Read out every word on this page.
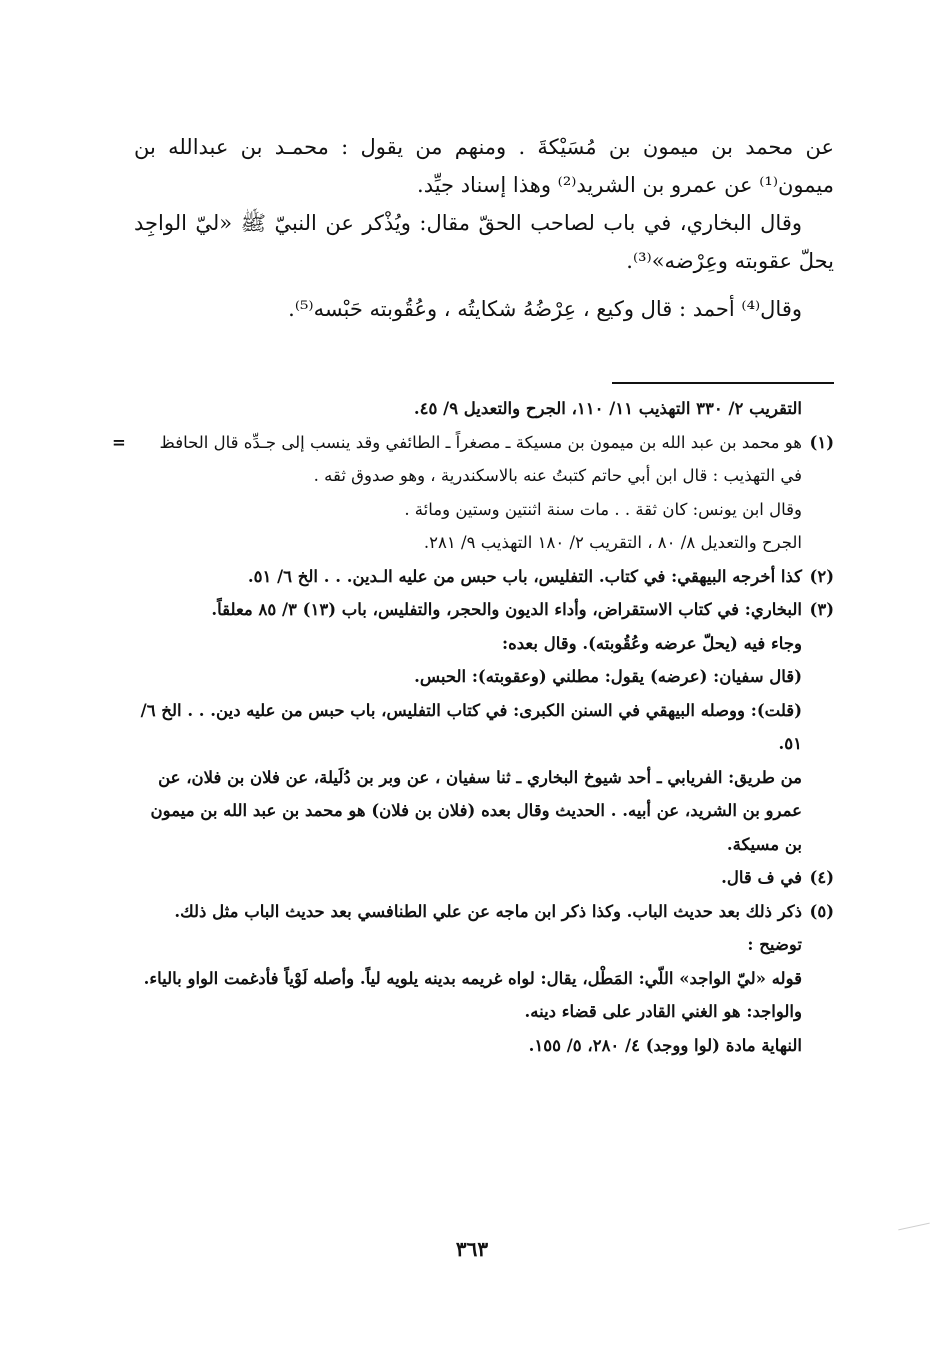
عن محمد بن ميمون بن مُسَيْكةَ . ومنهم من يقول : محمـد بن عبدالله بن ميمون⁽¹⁾ عن عمرو بن الشريد⁽²⁾ وهذا إسناد جيِّد.

وقال البخاري، في باب لصاحب الحقّ مقال: ويُذْكر عن النبيّ ﷺ «ليّ الواجِد يحلّ عقوبته وعِرْضه»⁽³⁾.

وقال⁽⁴⁾ أحمد : قال وكيع ، عِرْضُهُ شكايتُه ، وعُقُوبته حَبْسه⁽⁵⁾.

التقريب ٢/ ٣٣٠ التهذيب ١١/ ١١٠، الجرح والتعديل ٩/ ٤٥.

(١)
=	هو محمد بن عبد الله بن ميمون بن مسيكة ـ مصغراً ـ الطائفي وقد ينسب إلى جـدِّه قال الحافظ في التهذيب : قال ابن أبي حاتم كتبتُ عنه بالاسكندرية ، وهو صدوق ثقه .

وقال ابن يونس: كان ثقة . . مات سنة اثنتين وستين ومائة .

الجرح والتعديل ٨/ ٨٠ ، التقريب ٢/ ١٨٠ التهذيب ٩/ ٢٨١.

(٢)

كذا أخرجه البيهقي: في كتاب. التفليس، باب حبس من عليه الـدين. . . الخ ٦/ ٥١.

(٣)

البخاري: في كتاب الاستقراض، وأداء الديون والحجر، والتفليس، باب (١٣) ٣/ ٨٥ معلقاً.

وجاء فيه (يحلّ عرضه وعُقُوبته). وقال بعده:

(قال سفيان: (عرضه) يقول: مطلني (وعقوبته): الحبس.

(قلت): ووصله البيهقي في السنن الكبرى: في كتاب التفليس، باب حبس من عليه دين. . . الخ ٦/ ٥١.

من طريق: الفريابي ـ أحد شيوخ البخاري ـ ثنا سفيان ، عن وبر بن دُلَيلة، عن فلان بن فلان، عن عمرو بن الشريد، عن أبيه. . الحديث وقال بعده (فلان بن فلان) هو محمد بن عبد الله بن ميمون بن مسيكة.

(٤)

في ف قال.

(٥)

ذكر ذلك بعد حديث الباب. وكذا ذكر ابن ماجه عن علي الطنافسي بعد حديث الباب مثل ذلك.

توضيح :

قوله «ليّ الواجد» اللّي: المَطْل، يقال: لواه غريمه بدينه يلويه لياً. وأصله لَوْياً فأدغمت الواو بالياء. والواجد: هو الغني القادر على قضاء دينه.

النهاية مادة (لوا ووجد) ٤/ ٢٨٠، ٥/ ١٥٥.

٣٦٣
